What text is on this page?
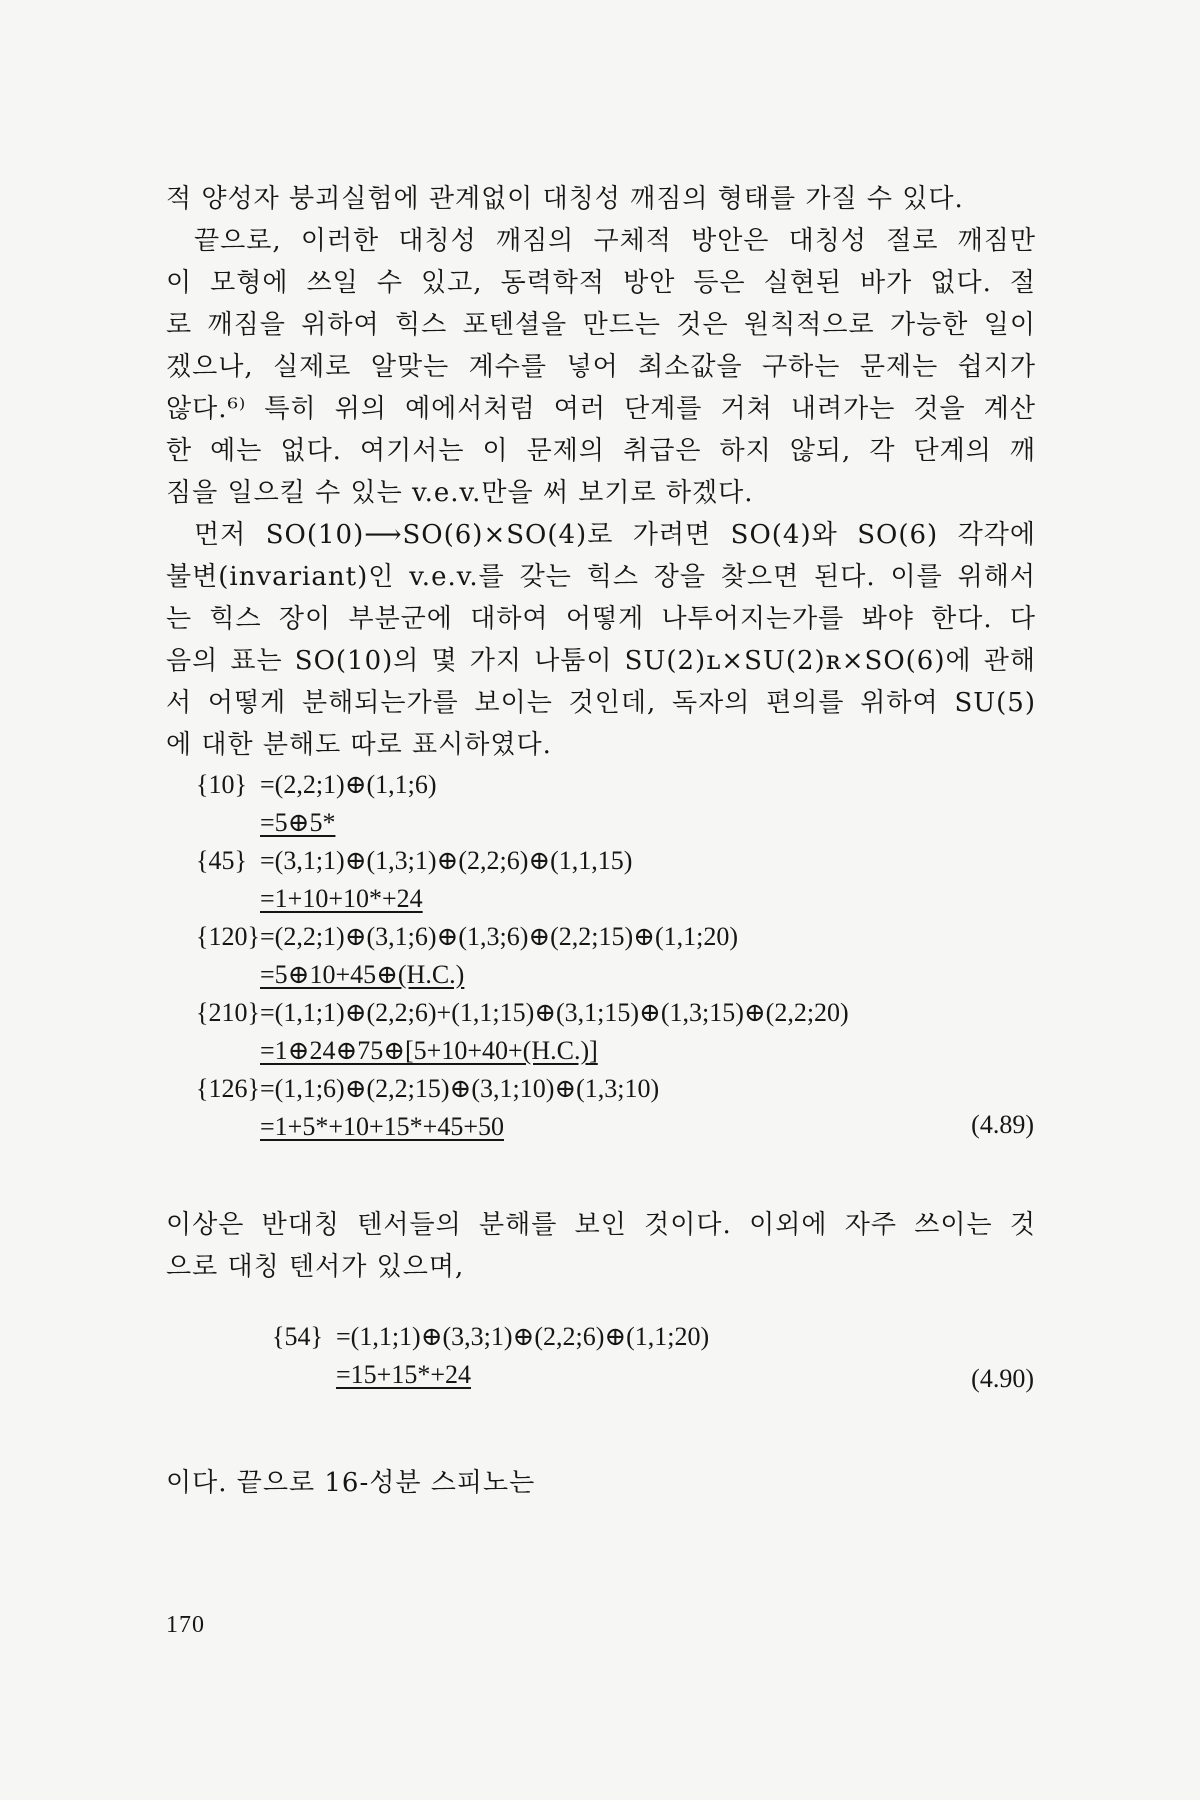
적 양성자 붕괴실험에 관계없이 대칭성 깨짐의 형태를 가질 수 있다.
끝으로, 이러한 대칭성 깨짐의 구체적 방안은 대칭성 절로 깨짐만
이 모형에 쓰일 수 있고, 동력학적 방안 등은 실현된 바가 없다. 절
로 깨짐을 위하여 힉스 포텐셜을 만드는 것은 원칙적으로 가능한 일이
겠으나, 실제로 알맞는 계수를 넣어 최소값을 구하는 문제는 쉽지가
않다.⁶⁾ 특히 위의 예에서처럼 여러 단계를 거쳐 내려가는 것을 계산
한 예는 없다. 여기서는 이 문제의 취급은 하지 않되, 각 단계의 깨
짐을 일으킬 수 있는 v.e.v.만을 써 보기로 하겠다.
먼저 SO(10)⟶SO(6)×SO(4)로 가려면 SO(4)와 SO(6) 각각에
불변(invariant)인 v.e.v.를 갖는 힉스 장을 찾으면 된다. 이를 위해서
는 힉스 장이 부분군에 대하여 어떻게 나투어지는가를 봐야 한다. 다
음의 표는 SO(10)의 몇 가지 나툼이 SU(2)ʟ×SU(2)ʀ×SO(6)에 관해
서 어떻게 분해되는가를 보이는 것인데, 독자의 편의를 위하여 SU(5)
에 대한 분해도 따로 표시하였다.
{10} =(2,2;1)⊕(1,1;6)
=5⊕5*
{45} =(3,1;1)⊕(1,3;1)⊕(2,2;6)⊕(1,1,15)
=1+10+10*+24
{120}=(2,2;1)⊕(3,1;6)⊕(1,3;6)⊕(2,2;15)⊕(1,1;20)
=5⊕10+45⊕(H.C.)
{210}=(1,1;1)⊕(2,2;6)+(1,1;15)⊕(3,1;15)⊕(1,3;15)⊕(2,2;20)
=1⊕24⊕75⊕[5+10+40+(H.C.)]
{126}=(1,1;6)⊕(2,2;15)⊕(3,1;10)⊕(1,3;10)
=1+5*+10+15*+45+50	(4.89)
이상은 반대칭 텐서들의 분해를 보인 것이다. 이외에 자주 쓰이는 것
으로 대칭 텐서가 있으며,
{54} =(1,1;1)⊕(3,3;1)⊕(2,2;6)⊕(1,1;20)
=15+15*+24	(4.90)
이다. 끝으로 16-성분 스피노는
170
